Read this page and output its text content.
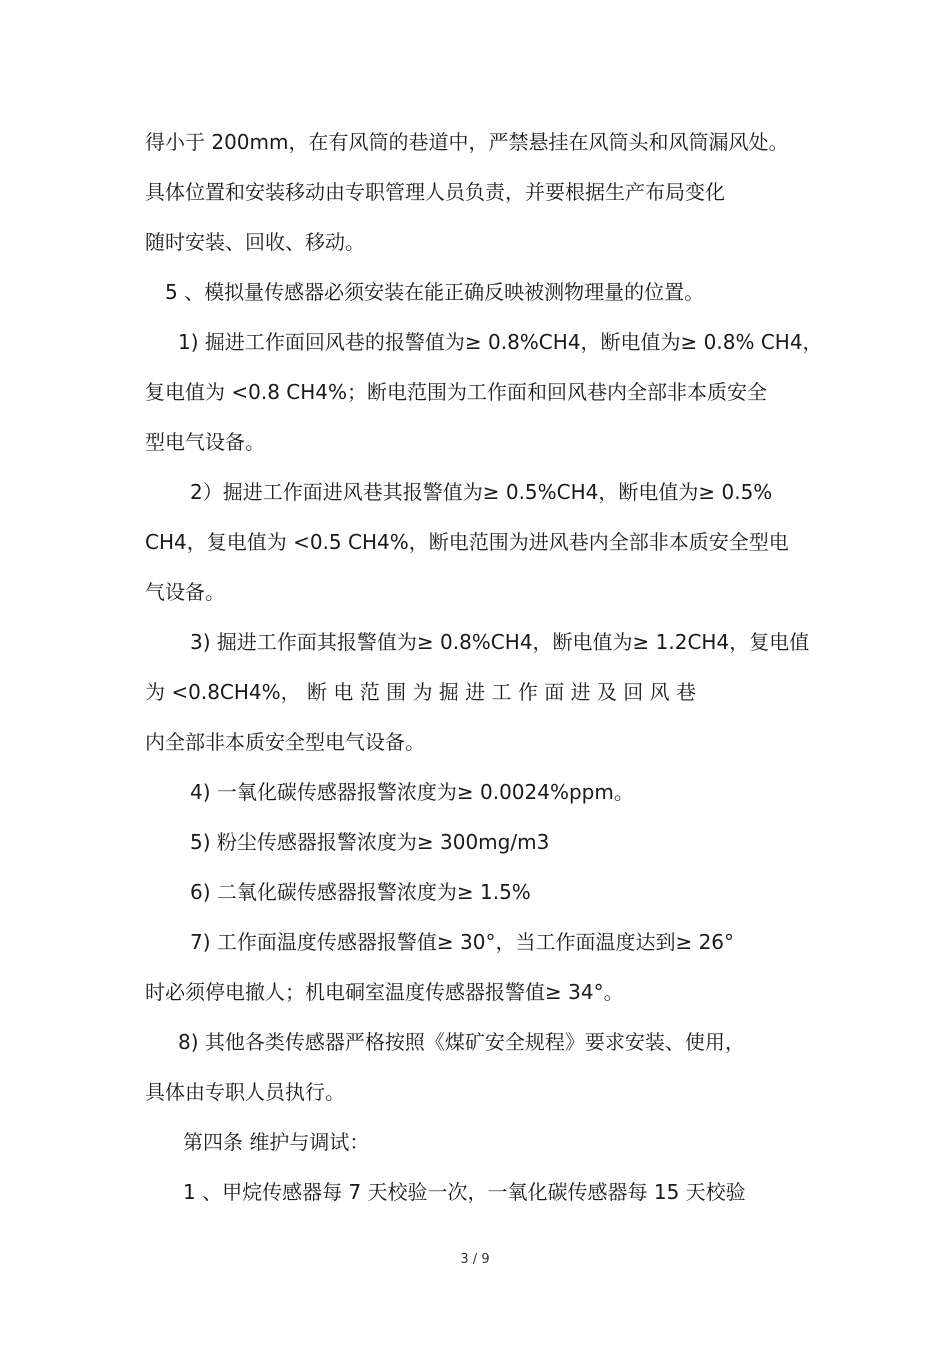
得小于 200mm，在有风筒的巷道中，严禁悬挂在风筒头和风筒漏风处。
具体位置和安装移动由专职管理人员负责，并要根据生产布局变化
随时安装、回收、移动。
5 、模拟量传感器必须安装在能正确反映被测物理量的位置。
1) 掘进工作面回风巷的报警值为≥ 0.8%CH4，断电值为≥ 0.8% CH4，
复电值为 <0.8 CH4%；断电范围为工作面和回风巷内全部非本质安全
型电气设备。
2）掘进工作面进风巷其报警值为≥ 0.5%CH4，断电值为≥ 0.5%
CH4，复电值为 <0.5 CH4%，断电范围为进风巷内全部非本质安全型电
气设备。
3) 掘进工作面其报警值为≥ 0.8%CH4，断电值为≥ 1.2CH4，复电值
为 <0.8CH4%， 断 电 范 围 为 掘 进 工 作 面 进 及 回 风 巷
内全部非本质安全型电气设备。
4) 一氧化碳传感器报警浓度为≥ 0.0024%ppm。
5) 粉尘传感器报警浓度为≥ 300mg/m3
6) 二氧化碳传感器报警浓度为≥ 1.5%
7) 工作面温度传感器报警值≥ 30°，当工作面温度达到≥ 26°
时必须停电撤人；机电硐室温度传感器报警值≥ 34°。
8) 其他各类传感器严格按照《煤矿安全规程》要求安装、使用，
具体由专职人员执行。
第四条 维护与调试：
1 、甲烷传感器每 7 天校验一次，一氧化碳传感器每 15 天校验
3 / 9
